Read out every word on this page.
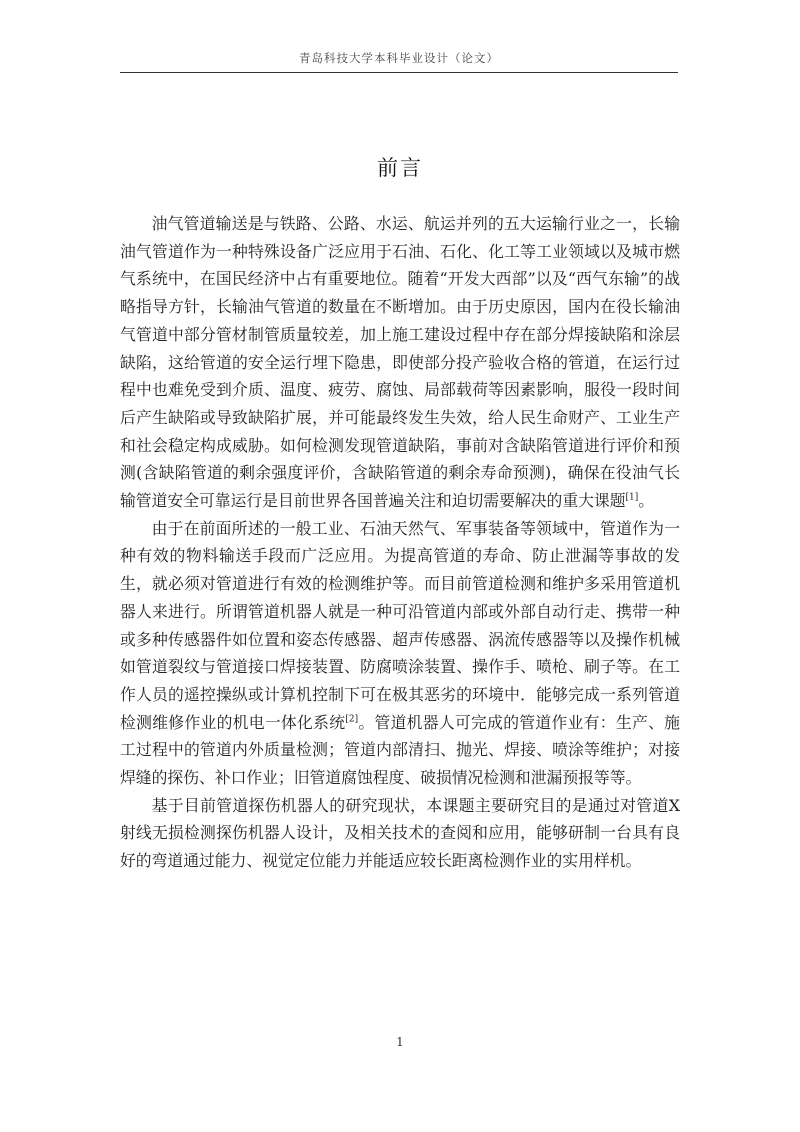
青岛科技大学本科毕业设计（论文）
前言

油气管道输送是与铁路、公路、水运、航运并列的五大运输行业之一，长输油气管道作为一种特殊设备广泛应用于石油、石化、化工等工业领域以及城市燃气系统中，在国民经济中占有重要地位。随着“开发大西部”以及“西气东输”的战略指导方针，长输油气管道的数量在不断增加。由于历史原因，国内在役长输油气管道中部分管材制管质量较差，加上施工建设过程中存在部分焊接缺陷和涂层缺陷，这给管道的安全运行埋下隐患，即使部分投产验收合格的管道，在运行过程中也难免受到介质、温度、疲劳、腐蚀、局部载荷等因素影响，服役一段时间后产生缺陷或导致缺陷扩展，并可能最终发生失效，给人民生命财产、工业生产和社会稳定构成威胁。如何检测发现管道缺陷，事前对含缺陷管道进行评价和预测(含缺陷管道的剩余强度评价，含缺陷管道的剩余寿命预测)，确保在役油气长输管道安全可靠运行是目前世界各国普遍关注和迫切需要解决的重大课题[1]。

由于在前面所述的一般工业、石油天然气、军事装备等领域中，管道作为一种有效的物料输送手段而广泛应用。为提高管道的寿命、防止泄漏等事故的发生，就必须对管道进行有效的检测维护等。而目前管道检测和维护多采用管道机器人来进行。所谓管道机器人就是一种可沿管道内部或外部自动行走、携带一种或多种传感器件如位置和姿态传感器、超声传感器、涡流传感器等以及操作机械如管道裂纹与管道接口焊接装置、防腐喷涂装置、操作手、喷枪、刷子等。在工作人员的遥控操纵或计算机控制下可在极其恶劣的环境中．能够完成一系列管道检测维修作业的机电一体化系统[2]。管道机器人可完成的管道作业有：生产、施工过程中的管道内外质量检测；管道内部清扫、抛光、焊接、喷涂等维护；对接焊缝的探伤、补口作业；旧管道腐蚀程度、破损情况检测和泄漏预报等等。

基于目前管道探伤机器人的研究现状，本课题主要研究目的是通过对管道X射线无损检测探伤机器人设计，及相关技术的查阅和应用，能够研制一台具有良好的弯道通过能力、视觉定位能力并能适应较长距离检测作业的实用样机。

1
